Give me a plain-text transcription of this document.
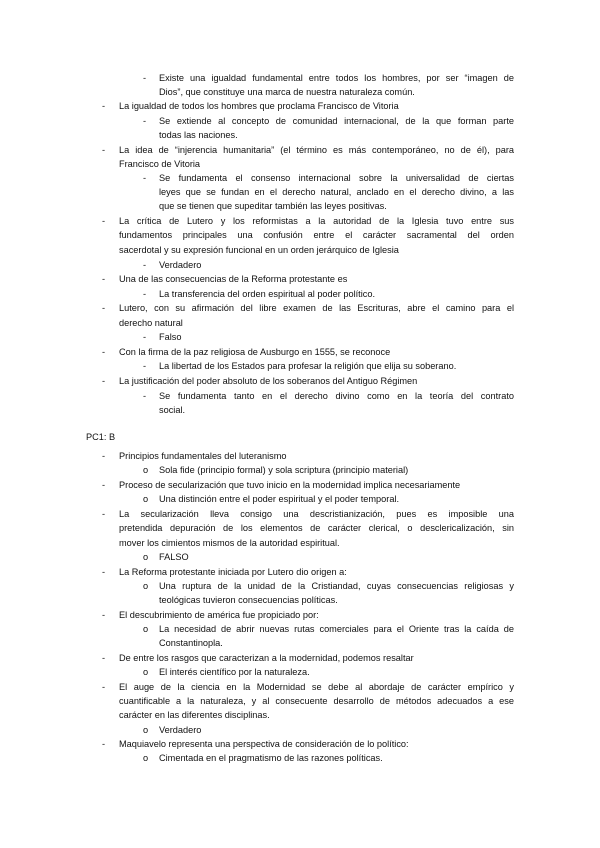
- Existe una igualdad fundamental entre todos los hombres, por ser “imagen de
Dios”, que constituye una marca de nuestra naturaleza común.
- La igualdad de todos los hombres que proclama Francisco de Vitoria
- Se extiende al concepto de comunidad internacional, de la que forman parte
todas las naciones.
- La idea de “injerencia humanitaria” (el término es más contemporáneo, no de él), para
Francisco de Vitoria
- Se fundamenta el consenso internacional sobre la universalidad de ciertas
leyes que se fundan en el derecho natural, anclado en el derecho divino, a las
que se tienen que supeditar también las leyes positivas.
- La crítica de Lutero y los reformistas a la autoridad de la Iglesia tuvo entre sus
fundamentos principales una confusión entre el carácter sacramental del orden
sacerdotal y su expresión funcional en un orden jerárquico de Iglesia
- Verdadero
- Una de las consecuencias de la Reforma protestante es
- La transferencia del orden espiritual al poder político.
- Lutero, con su afirmación del libre examen de las Escrituras, abre el camino para el
derecho natural
- Falso
- Con la firma de la paz religiosa de Ausburgo en 1555, se reconoce
- La libertad de los Estados para profesar la religión que elija su soberano.
- La justificación del poder absoluto de los soberanos del Antiguo Régimen
- Se fundamenta tanto en el derecho divino como en la teoría del contrato
social.
PC1: B
- Principios fundamentales del luteranismo
o Sola fide (principio formal) y sola scriptura (principio material)
- Proceso de secularización que tuvo inicio en la modernidad implica necesariamente
o Una distinción entre el poder espiritual y el poder temporal.
- La secularización lleva consigo una descristianización, pues es imposible una
pretendida depuración de los elementos de carácter clerical, o desclericalización, sin
mover los cimientos mismos de la autoridad espiritual.
o FALSO
- La Reforma protestante iniciada por Lutero dio origen a:
o Una ruptura de la unidad de la Cristiandad, cuyas consecuencias religiosas y
teológicas tuvieron consecuencias políticas.
- El descubrimiento de américa fue propiciado por:
o La necesidad de abrir nuevas rutas comerciales para el Oriente tras la caída de
Constantinopla.
- De entre los rasgos que caracterizan a la modernidad, podemos resaltar
o El interés científico por la naturaleza.
- El auge de la ciencia en la Modernidad se debe al abordaje de carácter empírico y
cuantificable a la naturaleza, y al consecuente desarrollo de métodos adecuados a ese
carácter en las diferentes disciplinas.
o Verdadero
- Maquiavelo representa una perspectiva de consideración de lo político:
o Cimentada en el pragmatismo de las razones políticas.
